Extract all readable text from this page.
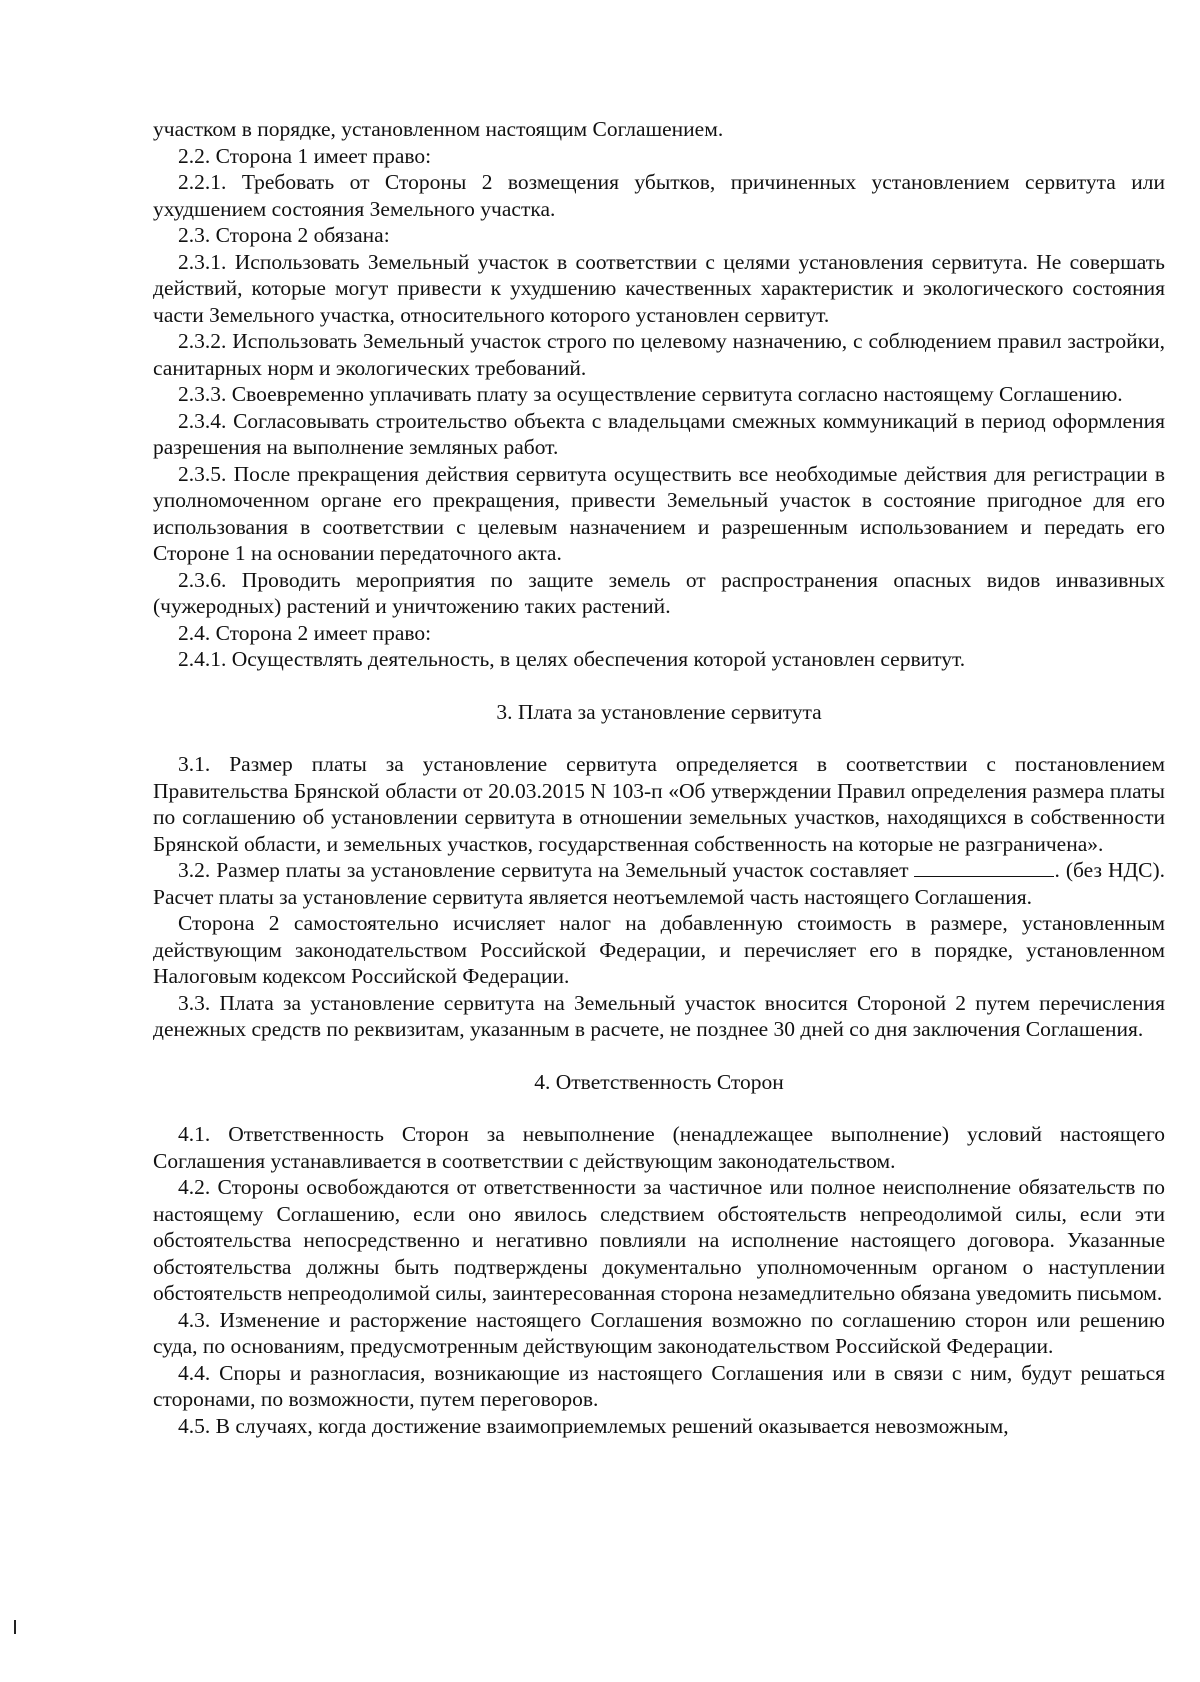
участком в порядке, установленном настоящим Соглашением.

2.2. Сторона 1 имеет право:

2.2.1. Требовать от Стороны 2 возмещения убытков, причиненных установлением сервитута или ухудшением состояния Земельного участка.

2.3. Сторона 2 обязана:

2.3.1. Использовать Земельный участок в соответствии с целями установления сервитута. Не совершать действий, которые могут привести к ухудшению качественных характеристик и экологического состояния части Земельного участка, относительного которого установлен сервитут.

2.3.2. Использовать Земельный участок строго по целевому назначению, с соблюдением правил застройки, санитарных норм и экологических требований.

2.3.3. Своевременно уплачивать плату за осуществление сервитута согласно настоящему Соглашению.

2.3.4. Согласовывать строительство объекта с владельцами смежных коммуникаций в период оформления разрешения на выполнение земляных работ.

2.3.5. После прекращения действия сервитута осуществить все необходимые действия для регистрации в уполномоченном органе его прекращения, привести Земельный участок в состояние пригодное для его использования в соответствии с целевым назначением и разрешенным использованием и передать его Стороне 1 на основании передаточного акта.

2.3.6. Проводить мероприятия по защите земель от распространения опасных видов инвазивных (чужеродных) растений и уничтожению таких растений.

2.4. Сторона 2 имеет право:

2.4.1. Осуществлять деятельность, в целях обеспечения которой установлен сервитут.

3. Плата за установление сервитута

3.1. Размер платы за установление сервитута определяется в соответствии с постановлением Правительства Брянской области от 20.03.2015 N 103-п «Об утверждении Правил определения размера платы по соглашению об установлении сервитута в отношении земельных участков, находящихся в собственности Брянской области, и земельных участков, государственная собственность на которые не разграничена».

3.2. Размер платы за установление сервитута на Земельный участок составляет	. (без НДС). Расчет платы за установление сервитута является неотъемлемой часть настоящего Соглашения.

Сторона 2 самостоятельно исчисляет налог на добавленную стоимость в размере, установленным действующим законодательством Российской Федерации, и перечисляет его в порядке, установленном Налоговым кодексом Российской Федерации.

3.3. Плата за установление сервитута на Земельный участок вносится Стороной 2 путем перечисления денежных средств по реквизитам, указанным в расчете, не позднее 30 дней со дня заключения Соглашения.

4. Ответственность Сторон

4.1. Ответственность Сторон за невыполнение (ненадлежащее выполнение) условий настоящего Соглашения устанавливается в соответствии с действующим законодательством.

4.2. Стороны освобождаются от ответственности за частичное или полное неисполнение обязательств по настоящему Соглашению, если оно явилось следствием обстоятельств непреодолимой силы, если эти обстоятельства непосредственно и негативно повлияли на исполнение настоящего договора. Указанные обстоятельства должны быть подтверждены документально уполномоченным органом о наступлении обстоятельств непреодолимой силы, заинтересованная сторона незамедлительно обязана уведомить письмом.

4.3. Изменение и расторжение настоящего Соглашения возможно по соглашению сторон или решению суда, по основаниям, предусмотренным действующим законодательством Российской Федерации.

4.4. Споры и разногласия, возникающие из настоящего Соглашения или в связи с ним, будут решаться сторонами, по возможности, путем переговоров.

4.5. В случаях, когда достижение взаимоприемлемых решений оказывается невозможным,
